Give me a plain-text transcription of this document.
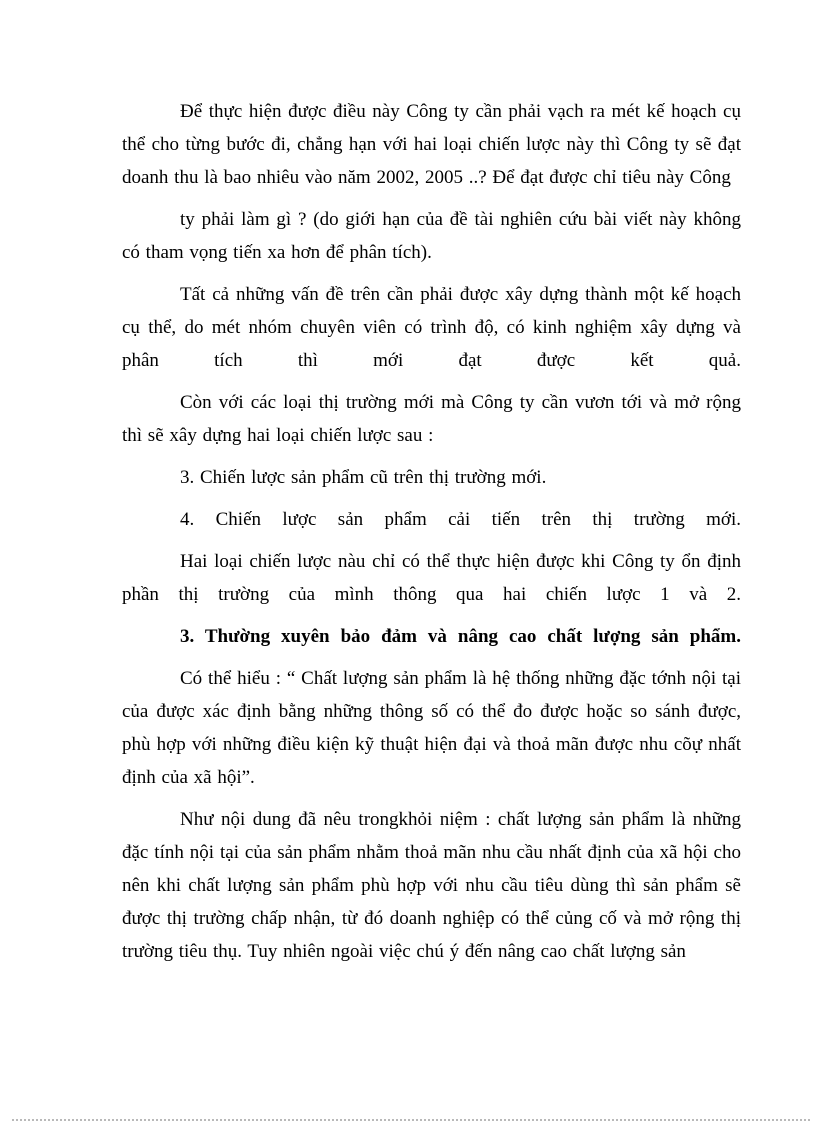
Để thực hiện được điều này Công ty cần phải vạch ra mét kế hoạch cụ thể cho từng bước đi, chẳng hạn với hai loại chiến lược này thì Công ty sẽ đạt doanh thu là bao nhiêu vào năm 2002, 2005 ..? Để đạt được chỉ tiêu này Công

ty phải làm gì ? (do giới hạn của đề tài nghiên cứu bài viết này không có tham vọng tiến xa hơn để phân tích).

Tất cả những vấn đề trên cần phải được xây dựng thành một kế hoạch cụ thể, do mét nhóm chuyên viên có trình độ, có kinh nghiệm xây dựng và phân tích thì mới đạt được kết quả.

Còn với các loại thị trường mới mà Công ty cần vươn tới và mở rộng thì sẽ xây dựng hai loại chiến lược sau :

3. Chiến lược sản phẩm cũ trên thị trường mới.

4. Chiến lược sản phẩm cải tiến trên thị trường mới.

Hai loại chiến lược nàu chỉ có thể thực hiện được khi Công ty ổn định phần thị trường của mình thông qua hai chiến lược 1 và 2.

3. Thường xuyên bảo đảm và nâng cao chất lượng sản phẩm.

Có thể hiểu : “ Chất lượng sản phẩm là hệ thống những đặc tớnh nội tại của được xác định bằng những thông số có thể đo được hoặc so sánh được, phù hợp với những điều kiện kỹ thuật hiện đại và thoả mãn được nhu cõự nhất định của xã hội”.

Như nội dung đã nêu trongkhỏi niệm : chất lượng sản phẩm là những đặc tính nội tại của sản phẩm nhằm thoả mãn nhu cầu nhất định của xã hội cho nên khi chất lượng sản phẩm phù hợp với nhu cầu tiêu dùng thì sản phẩm sẽ được thị trường chấp nhận, từ đó doanh nghiệp có thể củng cố và mở rộng thị trường tiêu thụ. Tuy nhiên ngoài việc chú ý đến nâng cao chất lượng sản
